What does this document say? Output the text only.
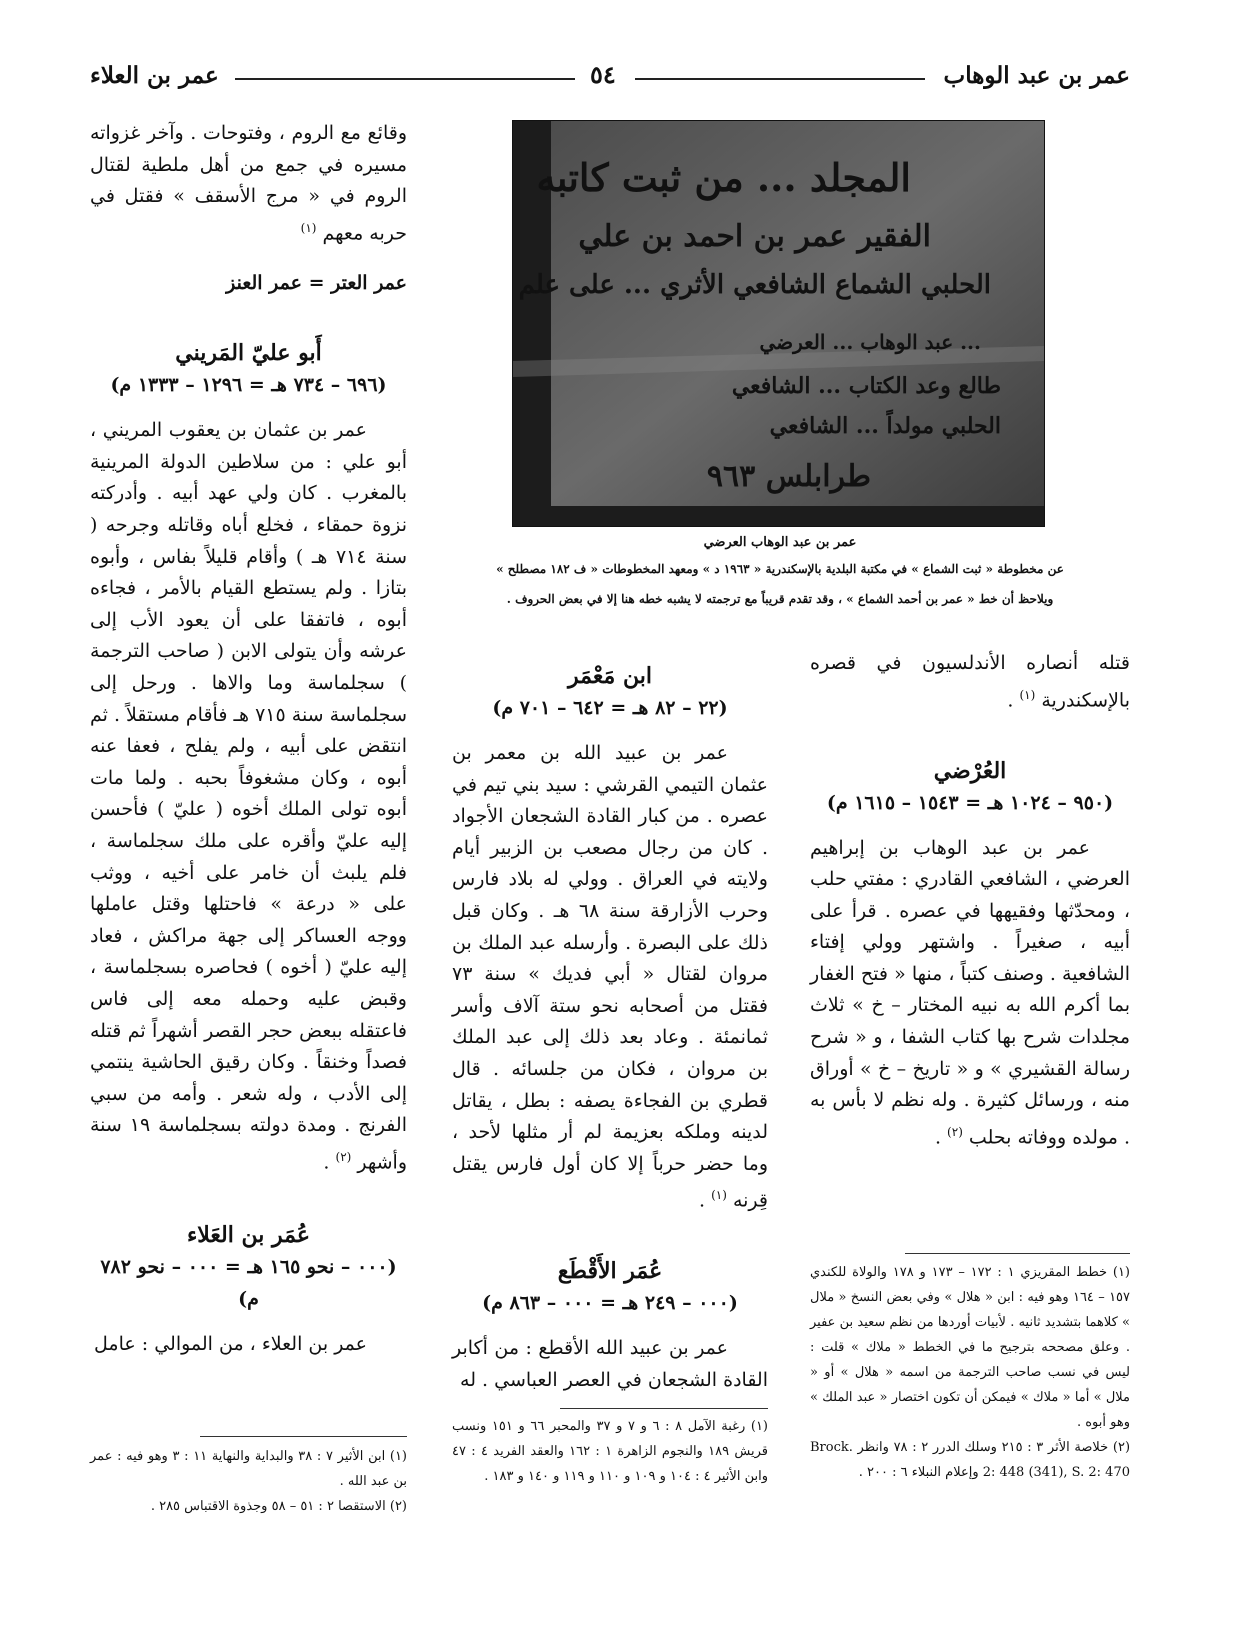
عمر بن عبد الوهاب
٥٤
عمر بن العلاء
المجلد ... من ثبت كاتبه
الفقير عمر بن احمد بن علي
الحلبي الشماع الشافعي الأثري ... على علم
... عبد الوهاب ... العرضي
طالع وعد الكتاب ... الشافعي
الحلبي مولداً ... الشافعي
طرابلس ٩٦٣
عمر بن عبد الوهاب العرضي
عن مخطوطة « ثبت الشماع » في مكتبة البلدية بالإسكندرية « ١٩٦٣ د » ومعهد المخطوطات « ف ١٨٢ مصطلح »
ويلاحظ أن خط « عمر بن أحمد الشماع » ، وقد تقدم قريباً مع ترجمته لا يشبه خطه هنا إلا في بعض الحروف .

وقائع مع الروم ، وفتوحات . وآخر غزواته مسيره في جمع من أهل ملطية لقتال الروم في « مرج الأسقف » فقتل في حربه معهم $^{(١)}$

عمر العتر = عمر العنز

أَبو عليّ المَريني
(٦٩٦ – ٧٣٤ هـ = ١٢٩٦ – ١٣٣٣ م)

عمر بن عثمان بن يعقوب المريني ، أبو علي : من سلاطين الدولة المرينية بالمغرب . كان ولي عهد أبيه . وأدركته نزوة حمقاء ، فخلع أباه وقاتله وجرحه ( سنة ٧١٤ هـ ) وأقام قليلاً بفاس ، وأبوه بتازا . ولم يستطع القيام بالأمر ، فجاءه أبوه ، فاتفقا على أن يعود الأب إلى عرشه وأن يتولى الابن ( صاحب الترجمة ) سجلماسة وما والاها . ورحل إلى سجلماسة سنة ٧١٥ هـ فأقام مستقلاً . ثم انتقض على أبيه ، ولم يفلح ، فعفا عنه أبوه ، وكان مشغوفاً بحبه . ولما مات أبوه تولى الملك أخوه ( عليّ ) فأحسن إليه عليّ وأقره على ملك سجلماسة ، فلم يلبث أن خامر على أخيه ، ووثب على « درعة » فاحتلها وقتل عاملها ووجه العساكر إلى جهة مراكش ، فعاد إليه عليّ ( أخوه ) فحاصره بسجلماسة ، وقبض عليه وحمله معه إلى فاس فاعتقله ببعض حجر القصر أشهراً ثم قتله فصداً وخنقاً . وكان رقيق الحاشية ينتمي إلى الأدب ، وله شعر . وأمه من سبي الفرنج . ومدة دولته بسجلماسة ١٩ سنة وأشهر $^{(٢)}$ .

عُمَر بن العَلاء
(٠٠٠ – نحو ١٦٥ هـ = ٠٠٠ – نحو ٧٨٢ م)

عمر بن العلاء ، من الموالي : عامل

(١) ابن الأثير ٧ : ٣٨ والبداية والنهاية ١١ : ٣ وهو فيه : عمر بن عبد الله .

(٢) الاستقصا ٢ : ٥١ – ٥٨ وجذوة الاقتباس ٢٨٥ .

ابن مَعْمَر
(٢٢ – ٨٢ هـ = ٦٤٢ – ٧٠١ م)

عمر بن عبيد الله بن معمر بن عثمان التيمي القرشي : سيد بني تيم في عصره . من كبار القادة الشجعان الأجواد . كان من رجال مصعب بن الزبير أيام ولايته في العراق . وولي له بلاد فارس وحرب الأزارقة سنة ٦٨ هـ . وكان قبل ذلك على البصرة . وأرسله عبد الملك بن مروان لقتال « أبي فديك » سنة ٧٣ فقتل من أصحابه نحو ستة آلاف وأسر ثمانمئة . وعاد بعد ذلك إلى عبد الملك بن مروان ، فكان من جلسائه . قال قطري بن الفجاءة يصفه : بطل ، يقاتل لدينه وملكه بعزيمة لم أر مثلها لأحد ، وما حضر حرباً إلا كان أول فارس يقتل قِرنه $^{(١)}$ .

عُمَر الأَقْطَع
(٠٠٠ – ٢٤٩ هـ = ٠٠٠ – ٨٦٣ م)

عمر بن عبيد الله الأقطع : من أكابر القادة الشجعان في العصر العباسي . له

(١) رغبة الآمل ٨ : ٦ و ٧ و ٣٧ والمحبر ٦٦ و ١٥١ ونسب قريش ١٨٩ والنجوم الزاهرة ١ : ١٦٢ والعقد الفريد ٤ : ٤٧ وابن الأثير ٤ : ١٠٤ و ١٠٩ و ١١٠ و ١١٩ و ١٤٠ و ١٨٣ .

قتله أنصاره الأندلسيون في قصره بالإسكندرية $^{(١)}$ .

العُرْضي
(٩٥٠ – ١٠٢٤ هـ = ١٥٤٣ – ١٦١٥ م)

عمر بن عبد الوهاب بن إبراهيم العرضي ، الشافعي القادري : مفتي حلب ، ومحدّثها وفقيهها في عصره . قرأ على أبيه ، صغيراً . واشتهر وولي إفتاء الشافعية . وصنف كتباً ، منها « فتح الغفار بما أكرم الله به نبيه المختار – خ » ثلاث مجلدات شرح بها كتاب الشفا ، و « شرح رسالة القشيري » و « تاريخ – خ » أوراق منه ، ورسائل كثيرة . وله نظم لا بأس به . مولده ووفاته بحلب $^{(٢)}$ .

(١) خطط المقريزي ١ : ١٧٢ – ١٧٣ و ١٧٨ والولاة للكندي ١٥٧ – ١٦٤ وهو فيه : ابن « هلال » وفي بعض النسخ « ملال » كلاهما بتشديد ثانيه . لأبيات أوردها من نظم سعيد بن عفير . وعلق مصححه بترجيح ما في الخطط « ملاك » قلت : ليس في نسب صاحب الترجمة من اسمه « هلال » أو « ملال » أما « ملاك » فيمكن أن تكون اختصار « عبد الملك » وهو أبوه .

(٢) خلاصة الأثر ٣ : ٢١٥ وسلك الدرر ٢ : ٧٨ وانظر Brock. 2: 448 (341), S. 2: 470 وإعلام النبلاء ٦ : ٢٠٠ .
